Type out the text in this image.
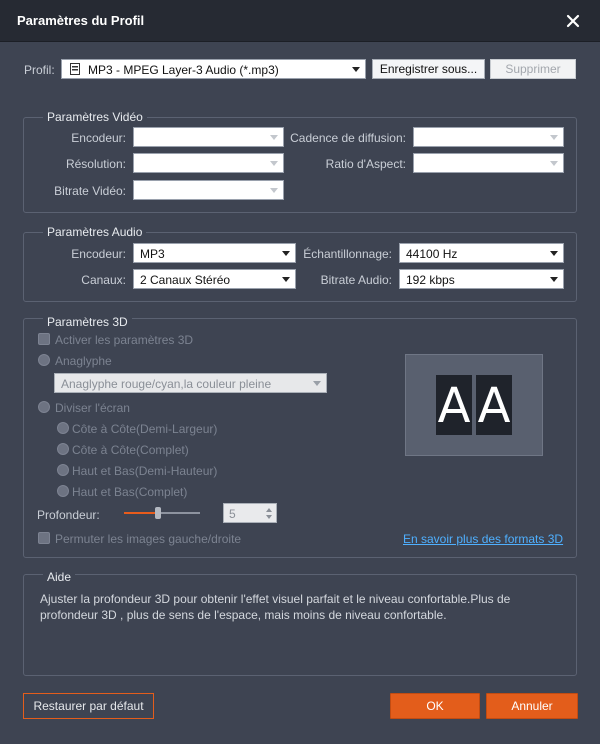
Paramètres du Profil
Profil:	MP3 - MPEG Layer-3 Audio (*.mp3)	Enregistrer sous...	Supprimer
Paramètres Vidéo
Encodeur:	Cadence de diffusion:
Résolution:	Ratio d'Aspect:
Bitrate Vidéo:
Paramètres Audio
Encodeur:	MP3	Échantillonnage:	44100 Hz
Canaux:	2 Canaux Stéréo	Bitrate Audio:	192 kbps
Paramètres 3D
Activer les paramètres 3D
Anaglyphe
Anaglyphe rouge/cyan,la couleur pleine
Diviser l'écran
Côte à Côte(Demi-Largeur)
Côte à Côte(Complet)
Haut et Bas(Demi-Hauteur)
Haut et Bas(Complet)
Profondeur:	5
Permuter les images gauche/droite	En savoir plus des formats 3D
A A
Aide
Ajuster la profondeur 3D pour obtenir l'effet visuel parfait et le niveau confortable.Plus de
profondeur 3D , plus de sens de l'espace, mais moins de niveau confortable.
Restaurer par défaut	OK	Annuler
